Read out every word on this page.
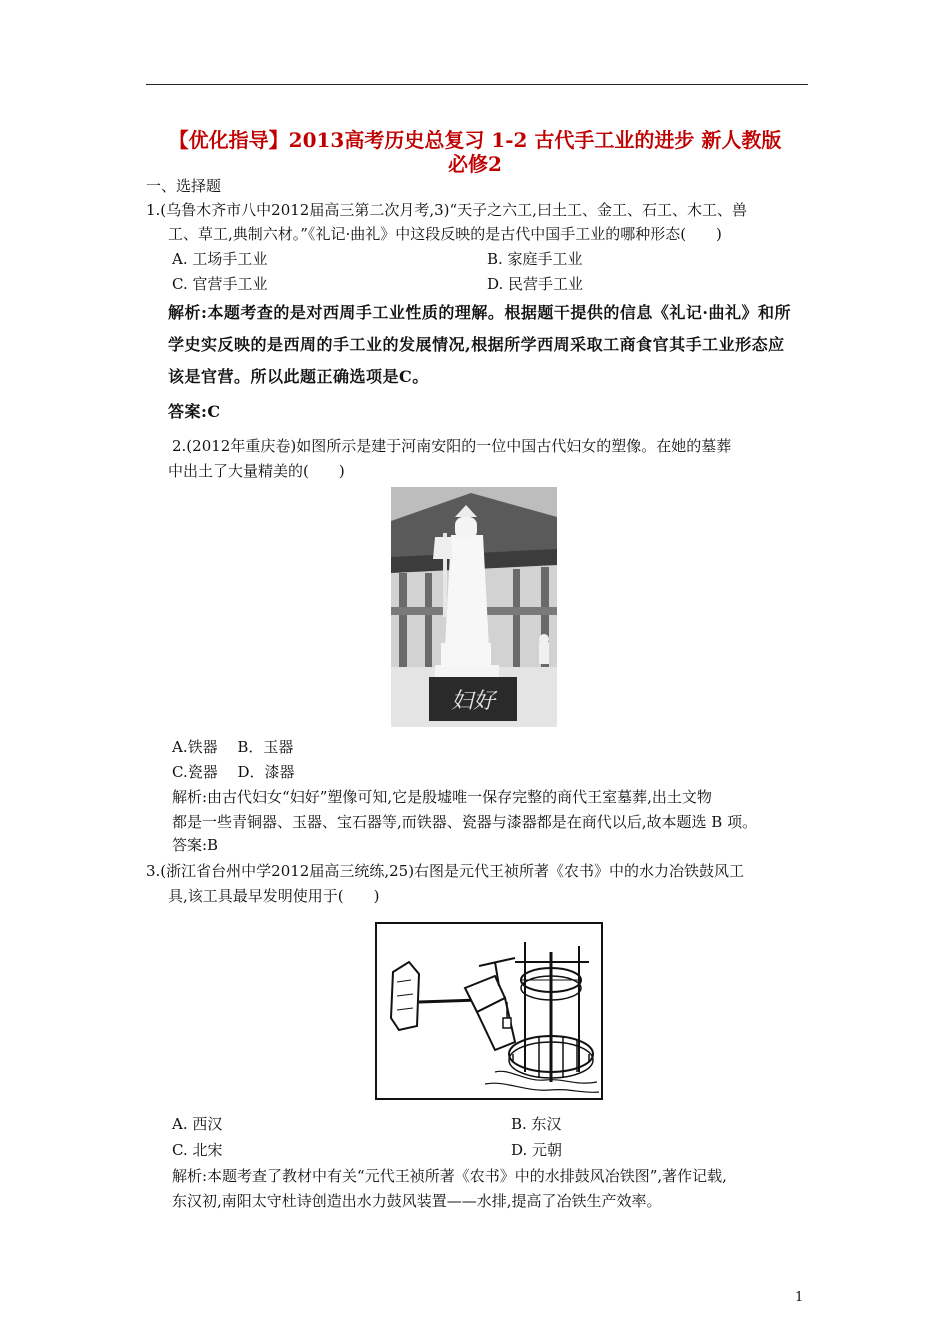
【优化指导】2013高考历史总复习 1-2 古代手工业的进步 新人教版
必修2
一、选择题
1.(乌鲁木齐市八中2012届高三第二次月考,3)“天子之六工,曰土工、金工、石工、木工、兽
工、草工,典制六材。”《礼记·曲礼》中这段反映的是古代中国手工业的哪种形态(　　)
A. 工场手工业	B. 家庭手工业
C. 官营手工业	D. 民营手工业
解析:本题考查的是对西周手工业性质的理解。根据题干提供的信息《礼记·曲礼》和所
学史实反映的是西周的手工业的发展情况,根据所学西周采取工商食官其手工业形态应
该是官营。所以此题正确选项是C。
答案:C
2.(2012年重庆卷)如图所示是建于河南安阳的一位中国古代妇女的塑像。在她的墓葬
中出土了大量精美的(　　)
妇好
A.铁器　 B．玉器
C.瓷器　 D．漆器
解析:由古代妇女“妇好”塑像可知,它是殷墟唯一保存完整的商代王室墓葬,出土文物
都是一些青铜器、玉器、宝石器等,而铁器、瓷器与漆器都是在商代以后,故本题选 B 项。
答案:B
3.(浙江省台州中学2012届高三统练,25)右图是元代王祯所著《农书》中的水力冶铁鼓风工
具,该工具最早发明使用于(　　)
A. 西汉	B. 东汉
C. 北宋	D. 元朝
解析:本题考查了教材中有关“元代王祯所著《农书》中的水排鼓风冶铁图”,著作记载,
东汉初,南阳太守杜诗创造出水力鼓风装置——水排,提高了冶铁生产效率。
1
